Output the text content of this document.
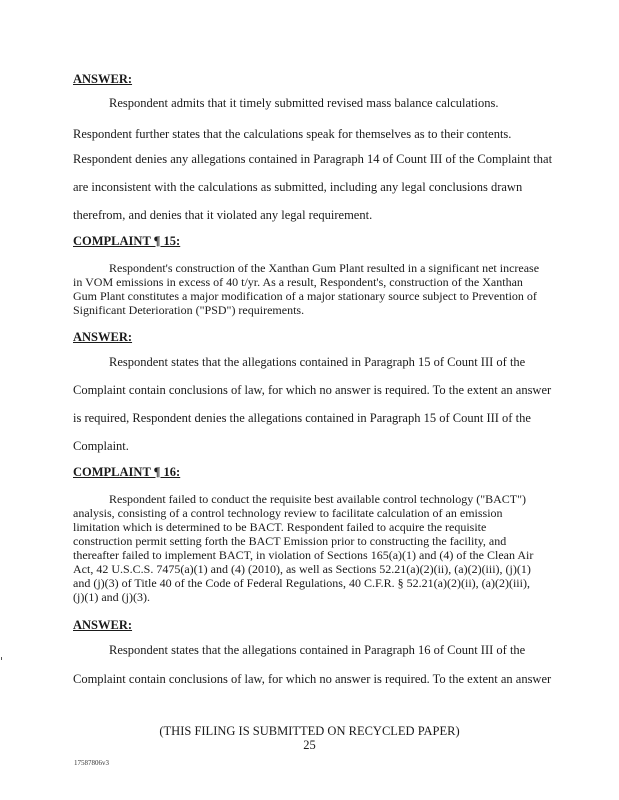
ANSWER:
Respondent admits that it timely submitted revised mass balance calculations.
Respondent further states that the calculations speak for themselves as to their contents.
Respondent denies any allegations contained in Paragraph 14 of Count III of the Complaint that
are inconsistent with the calculations as submitted, including any legal conclusions drawn
therefrom, and denies that it violated any legal requirement.
COMPLAINT ¶ 15:
Respondent's construction of the Xanthan Gum Plant resulted in a significant net increase
in VOM emissions in excess of 40 t/yr. As a result, Respondent's, construction of the Xanthan
Gum Plant constitutes a major modification of a major stationary source subject to Prevention of
Significant Deterioration ("PSD") requirements.
ANSWER:
Respondent states that the allegations contained in Paragraph 15 of Count III of the
Complaint contain conclusions of law, for which no answer is required. To the extent an answer
is required, Respondent denies the allegations contained in Paragraph 15 of Count III of the
Complaint.
COMPLAINT ¶ 16:
Respondent failed to conduct the requisite best available control technology ("BACT")
analysis, consisting of a control technology review to facilitate calculation of an emission
limitation which is determined to be BACT. Respondent failed to acquire the requisite
construction permit setting forth the BACT Emission prior to constructing the facility, and
thereafter failed to implement BACT, in violation of Sections 165(a)(1) and (4) of the Clean Air
Act, 42 U.S.C.S. 7475(a)(1) and (4) (2010), as well as Sections 52.21(a)(2)(ii), (a)(2)(iii), (j)(1)
and (j)(3) of Title 40 of the Code of Federal Regulations, 40 C.F.R. § 52.21(a)(2)(ii), (a)(2)(iii),
(j)(1) and (j)(3).
ANSWER:
Respondent states that the allegations contained in Paragraph 16 of Count III of the
Complaint contain conclusions of law, for which no answer is required. To the extent an answer
(THIS FILING IS SUBMITTED ON RECYCLED PAPER)
25
17587806v3
